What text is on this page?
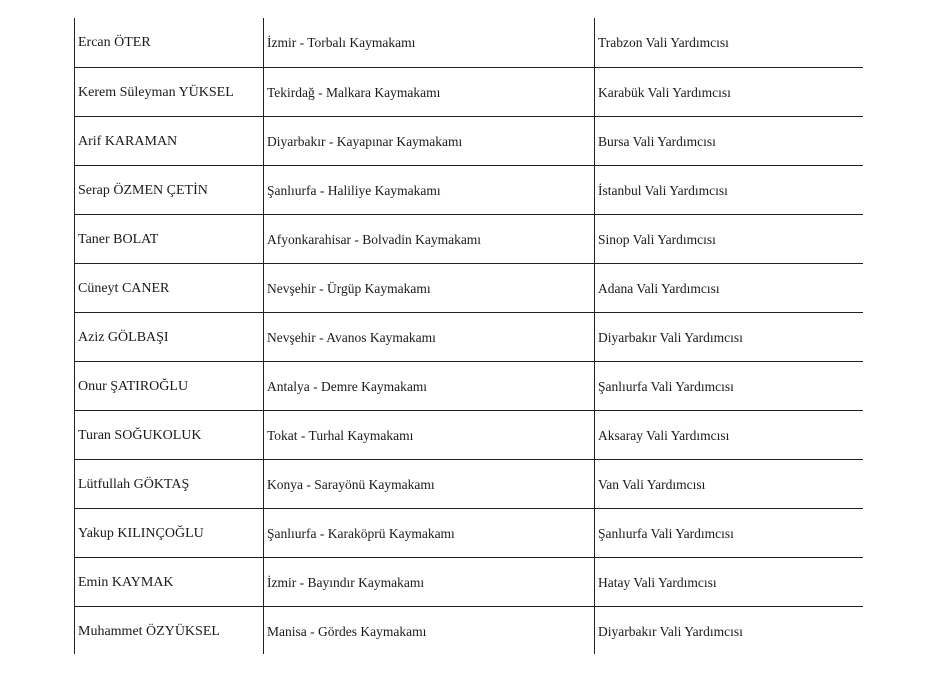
Ercan ÖTER	İzmir - Torbalı Kaymakamı	Trabzon Vali Yardımcısı
Kerem Süleyman YÜKSEL	Tekirdağ - Malkara Kaymakamı	Karabük Vali Yardımcısı
Arif KARAMAN	Diyarbakır - Kayapınar Kaymakamı	Bursa Vali Yardımcısı
Serap ÖZMEN ÇETİN	Şanlıurfa - Haliliye Kaymakamı	İstanbul Vali Yardımcısı
Taner BOLAT	Afyonkarahisar - Bolvadin Kaymakamı	Sinop Vali Yardımcısı
Cüneyt CANER	Nevşehir - Ürgüp Kaymakamı	Adana Vali Yardımcısı
Aziz GÖLBAŞI	Nevşehir - Avanos Kaymakamı	Diyarbakır Vali Yardımcısı
Onur ŞATIROĞLU	Antalya - Demre Kaymakamı	Şanlıurfa Vali Yardımcısı
Turan SOĞUKOLUK	Tokat - Turhal Kaymakamı	Aksaray Vali Yardımcısı
Lütfullah GÖKTAŞ	Konya - Sarayönü Kaymakamı	Van Vali Yardımcısı
Yakup KILINÇOĞLU	Şanlıurfa - Karaköprü Kaymakamı	Şanlıurfa Vali Yardımcısı
Emin KAYMAK	İzmir - Bayındır Kaymakamı	Hatay Vali Yardımcısı
Muhammet ÖZYÜKSEL	Manisa - Gördes Kaymakamı	Diyarbakır Vali Yardımcısı
